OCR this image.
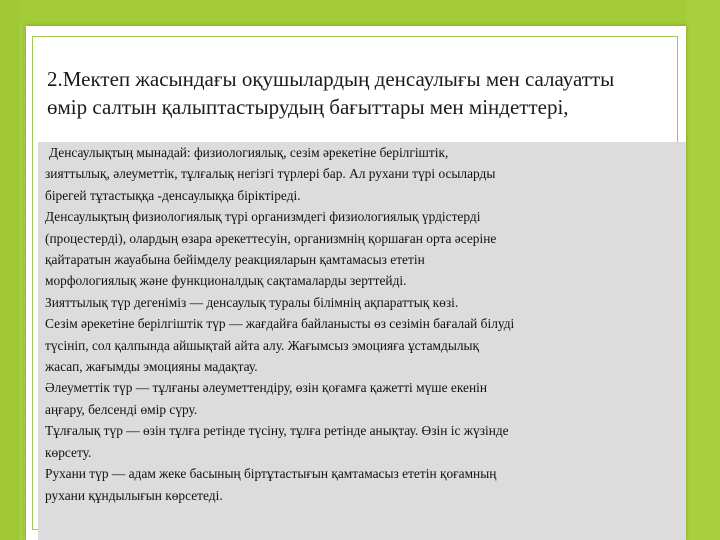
2.Мектеп жасындағы оқушылардың денсаулығы мен салауатты өмір салтын қалыптастырудың бағыттары мен міндеттері,

Денсаулықтың мынадай: физиологиялық, сезім әрекетіне берілгіштік,

зияттылық, әлеуметтік, тұлғалық негізгі түрлері бар. Ал рухани түрі осыларды

бірегей тұтастыққа -денсаулыққа біріктіреді.

Денсаулықтың физиологиялық түрі организмдегі физиологиялық үрдістерді

(процестерді), олардың өзара әрекеттесуін, организмнің қоршаған орта әсеріне

қайтаратын жауабына бейімделу реакцияларын қамтамасыз ететін

морфологиялық және функционалдық сақтамаларды зерттейді.

Зияттылық түр дегеніміз — денсаулық туралы білімнің ақпараттық көзі.

Сезім әрекетіне берілгіштік түр — жағдайға байланысты өз сезімін бағалай білуді

түсініп, сол қалпында айшықтай айта алу. Жағымсыз эмоцияға ұстамдылық

жасап, жағымды эмоцияны мадақтау.

Әлеуметтік түр — тұлғаны әлеуметтендіру, өзін қоғамға қажетті мүше екенін

аңғару, белсенді өмір сүру.

Тұлғалық түр — өзін тұлға ретінде түсіну, тұлға ретінде анықтау. Өзін іс жүзінде

көрсету.

Рухани түр — адам жеке басының біртұтастығын қамтамасыз ететін қоғамның

рухани құндылығын көрсетеді.
